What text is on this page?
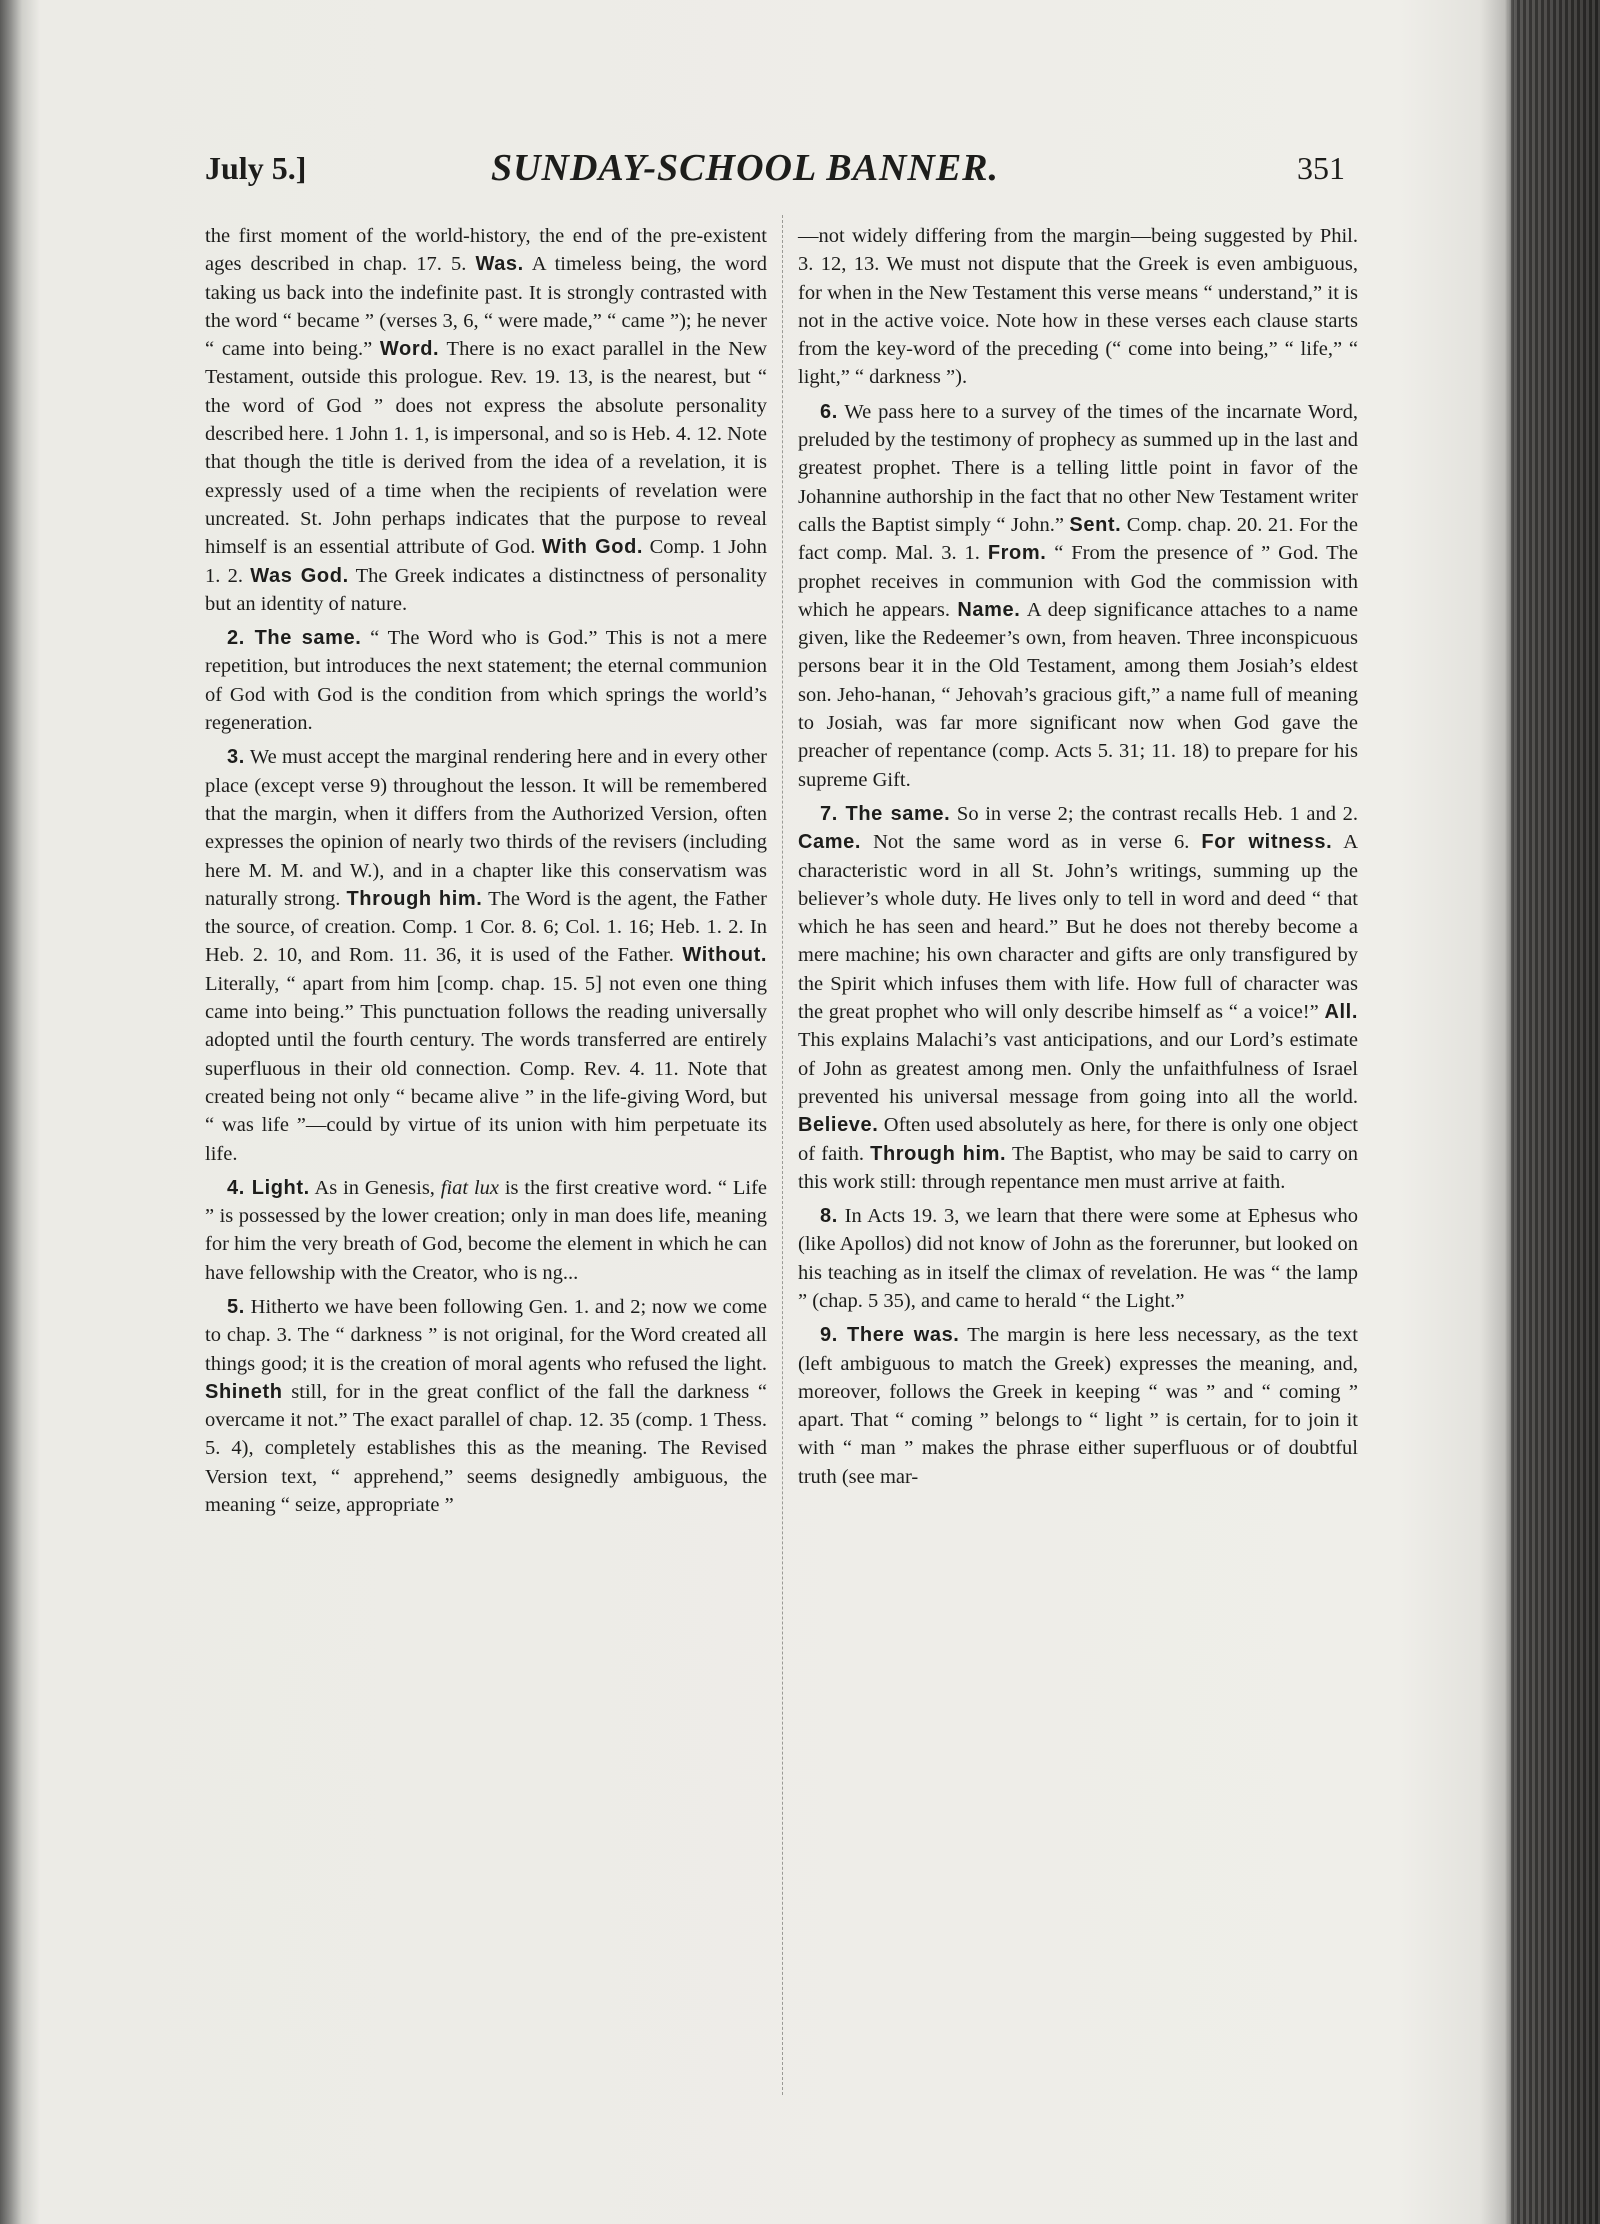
July 5.]	SUNDAY-SCHOOL BANNER.	351

the first moment of the world-history, the end of the pre-existent ages described in chap. 17. 5. Was. A timeless being, the word taking us back into the indefinite past. It is strongly contrasted with the word “ became ” (verses 3, 6, “ were made,” “ came ”); he never “ came into being.” Word. There is no exact parallel in the New Testament, outside this prologue. Rev. 19. 13, is the nearest, but “ the word of God ” does not express the absolute personality described here. 1 John 1. 1, is impersonal, and so is Heb. 4. 12. Note that though the title is derived from the idea of a revelation, it is expressly used of a time when the recipients of revelation were uncreated. St. John perhaps indicates that the purpose to reveal himself is an essential attribute of God. With God. Comp. 1 John 1. 2. Was God. The Greek indicates a distinctness of personality but an identity of nature.

2. The same. “ The Word who is God.” This is not a mere repetition, but introduces the next statement; the eternal communion of God with God is the condition from which springs the world’s regeneration.

3. We must accept the marginal rendering here and in every other place (except verse 9) throughout the lesson. It will be remembered that the margin, when it differs from the Authorized Version, often expresses the opinion of nearly two thirds of the revisers (including here M. M. and W.), and in a chapter like this conservatism was naturally strong. Through him. The Word is the agent, the Father the source, of creation. Comp. 1 Cor. 8. 6; Col. 1. 16; Heb. 1. 2. In Heb. 2. 10, and Rom. 11. 36, it is used of the Father. Without. Literally, “ apart from him [comp. chap. 15. 5] not even one thing came into being.” This punctuation follows the reading universally adopted until the fourth century. The words transferred are entirely superfluous in their old connection. Comp. Rev. 4. 11. Note that created being not only “ became alive ” in the life-giving Word, but “ was life ”—could by virtue of its union with him perpetuate its life.

4. Light. As in Genesis, fiat lux is the first creative word. “ Life ” is possessed by the lower creation; only in man does life, meaning for him the very breath of God, become the element in which he can have fellowship with the Creator, who is ng...

5. Hitherto we have been following Gen. 1. and 2; now we come to chap. 3. The “ darkness ” is not original, for the Word created all things good; it is the creation of moral agents who refused the light. Shineth still, for in the great conflict of the fall the darkness “ overcame it not.” The exact parallel of chap. 12. 35 (comp. 1 Thess. 5. 4), completely establishes this as the meaning. The Revised Version text, “ apprehend,” seems designedly ambiguous, the meaning “ seize, appropriate ”

—not widely differing from the margin—being suggested by Phil. 3. 12, 13. We must not dispute that the Greek is even ambiguous, for when in the New Testament this verse means “ understand,” it is not in the active voice. Note how in these verses each clause starts from the key-word of the preceding (“ come into being,” “ life,” “ light,” “ darkness ”).

6. We pass here to a survey of the times of the incarnate Word, preluded by the testimony of prophecy as summed up in the last and greatest prophet. There is a telling little point in favor of the Johannine authorship in the fact that no other New Testament writer calls the Baptist simply “ John.” Sent. Comp. chap. 20. 21. For the fact comp. Mal. 3. 1. From. “ From the presence of ” God. The prophet receives in communion with God the commission with which he appears. Name. A deep significance attaches to a name given, like the Redeemer’s own, from heaven. Three inconspicuous persons bear it in the Old Testament, among them Josiah’s eldest son. Jeho-hanan, “ Jehovah’s gracious gift,” a name full of meaning to Josiah, was far more significant now when God gave the preacher of repentance (comp. Acts 5. 31; 11. 18) to prepare for his supreme Gift.

7. The same. So in verse 2; the contrast recalls Heb. 1 and 2. Came. Not the same word as in verse 6. For witness. A characteristic word in all St. John’s writings, summing up the believer’s whole duty. He lives only to tell in word and deed “ that which he has seen and heard.” But he does not thereby become a mere machine; his own character and gifts are only transfigured by the Spirit which infuses them with life. How full of character was the great prophet who will only describe himself as “ a voice!” All. This explains Malachi’s vast anticipations, and our Lord’s estimate of John as greatest among men. Only the unfaithfulness of Israel prevented his universal message from going into all the world. Believe. Often used absolutely as here, for there is only one object of faith. Through him. The Baptist, who may be said to carry on this work still: through repentance men must arrive at faith.

8. In Acts 19. 3, we learn that there were some at Ephesus who (like Apollos) did not know of John as the forerunner, but looked on his teaching as in itself the climax of revelation. He was “ the lamp ” (chap. 5 35), and came to herald “ the Light.”

9. There was. The margin is here less necessary, as the text (left ambiguous to match the Greek) expresses the meaning, and, moreover, follows the Greek in keeping “ was ” and “ coming ” apart. That “ coming ” belongs to “ light ” is certain, for to join it with “ man ” makes the phrase either superfluous or of doubtful truth (see mar-
